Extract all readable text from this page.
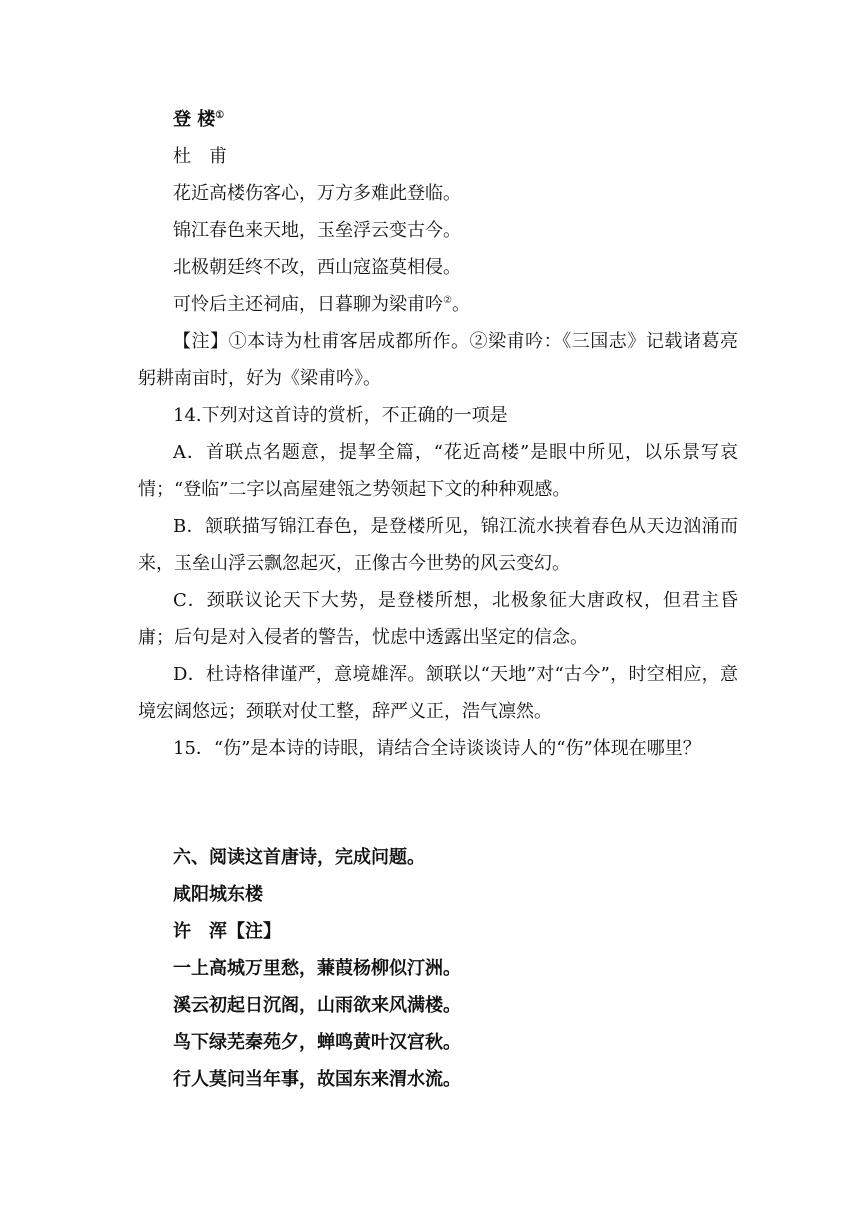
登 楼①
杜　甫
花近高楼伤客心，万方多难此登临。
锦江春色来天地，玉垒浮云变古今。
北极朝廷终不改，西山寇盗莫相侵。
可怜后主还祠庙，日暮聊为梁甫吟②。
【注】①本诗为杜甫客居成都所作。②梁甫吟：《三国志》记载诸葛亮躬耕南亩时，好为《梁甫吟》。
14.下列对这首诗的赏析，不正确的一项是
A．首联点名题意，提挈全篇，“花近高楼”是眼中所见，以乐景写哀情；“登临”二字以高屋建瓴之势领起下文的种种观感。
B．颔联描写锦江春色，是登楼所见，锦江流水挟着春色从天边汹涌而来，玉垒山浮云飘忽起灭，正像古今世势的风云变幻。
C．颈联议论天下大势，是登楼所想，北极象征大唐政权，但君主昏庸；后句是对入侵者的警告，忧虑中透露出坚定的信念。
D．杜诗格律谨严，意境雄浑。颔联以“天地”对“古今”，时空相应，意境宏阔悠远；颈联对仗工整，辞严义正，浩气凛然。
15．“伤”是本诗的诗眼，请结合全诗谈谈诗人的“伤”体现在哪里？
六、阅读这首唐诗，完成问题。
咸阳城东楼
许　浑【注】
一上高城万里愁，蒹葭杨柳似汀洲。
溪云初起日沉阁，山雨欲来风满楼。
鸟下绿芜秦苑夕，蝉鸣黄叶汉宫秋。
行人莫问当年事，故国东来渭水流。
